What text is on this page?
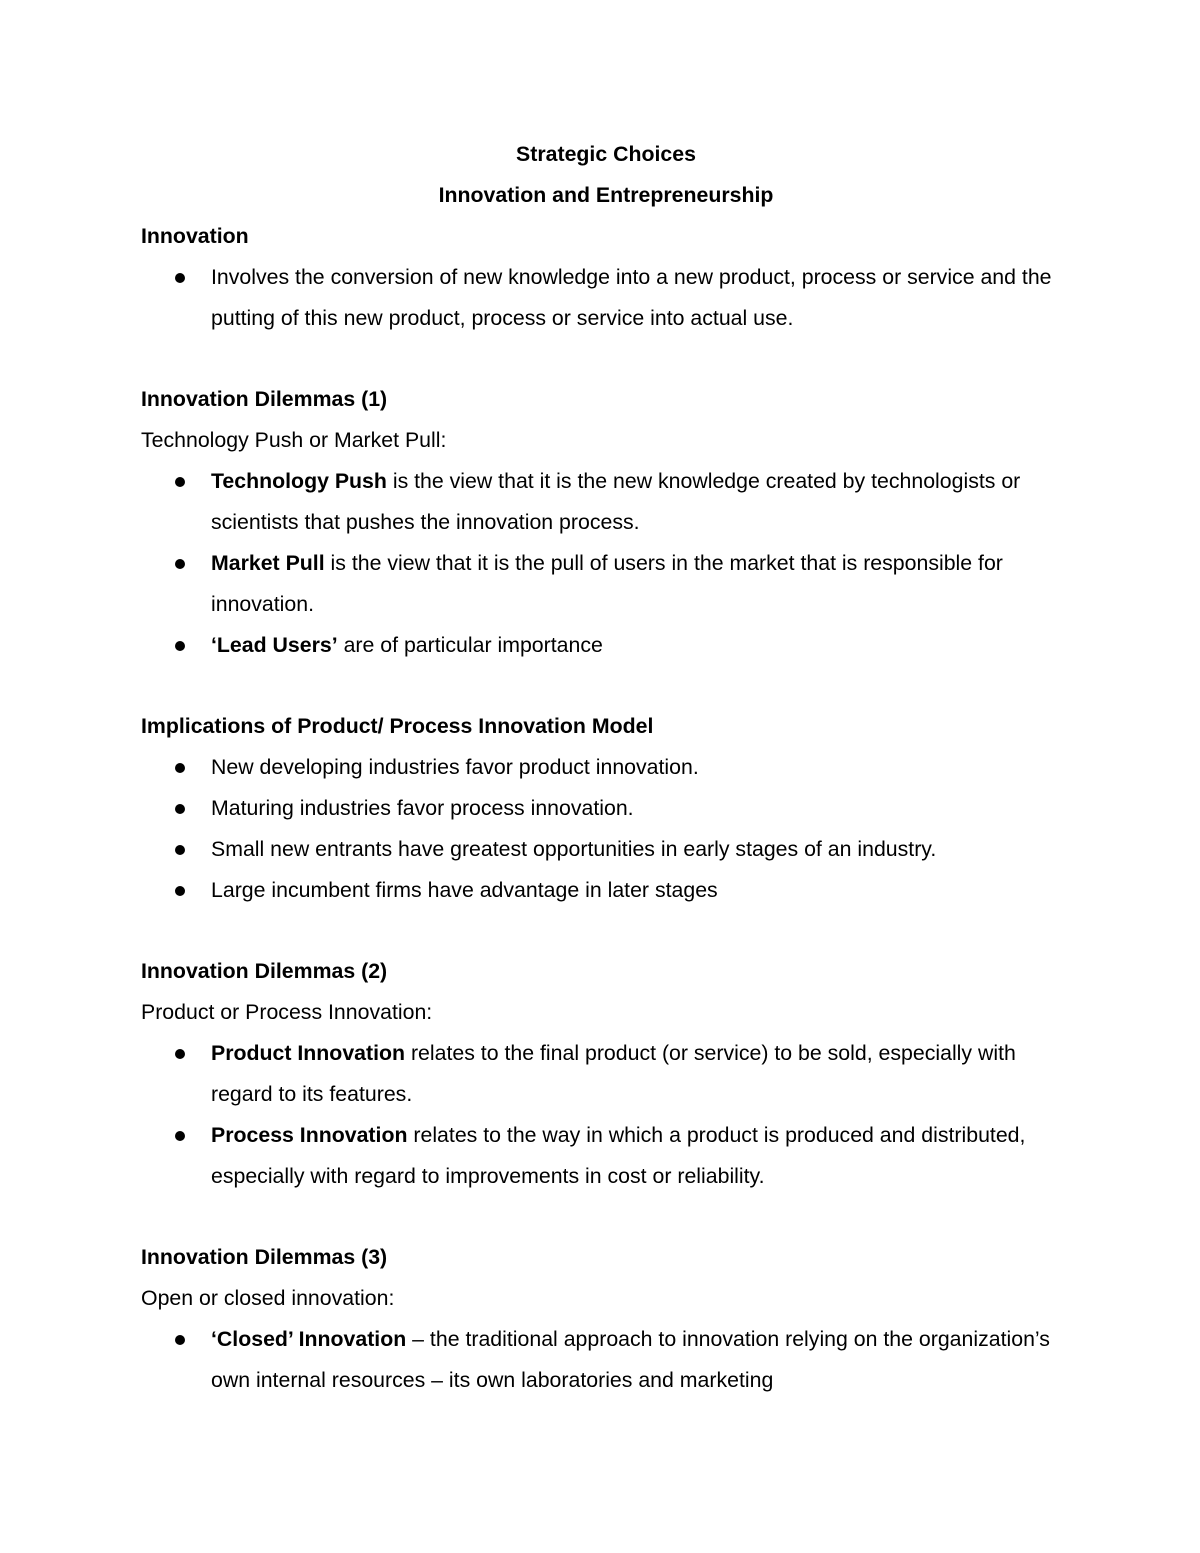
Strategic Choices
Innovation and Entrepreneurship
Innovation
Involves the conversion of new knowledge into a new product, process or service and the putting of this new product, process or service into actual use.
Innovation Dilemmas (1)
Technology Push or Market Pull:
Technology Push is the view that it is the new knowledge created by technologists or scientists that pushes the innovation process.
Market Pull is the view that it is the pull of users in the market that is responsible for innovation.
‘Lead Users’ are of particular importance
Implications of Product/ Process Innovation Model
New developing industries favor product innovation.
Maturing industries favor process innovation.
Small new entrants have greatest opportunities in early stages of an industry.
Large incumbent firms have advantage in later stages
Innovation Dilemmas (2)
Product or Process Innovation:
Product Innovation relates to the final product (or service) to be sold, especially with regard to its features.
Process Innovation relates to the way in which a product is produced and distributed, especially with regard to improvements in cost or reliability.
Innovation Dilemmas (3)
Open or closed innovation:
‘Closed’ Innovation – the traditional approach to innovation relying on the organization’s own internal resources – its own laboratories and marketing
